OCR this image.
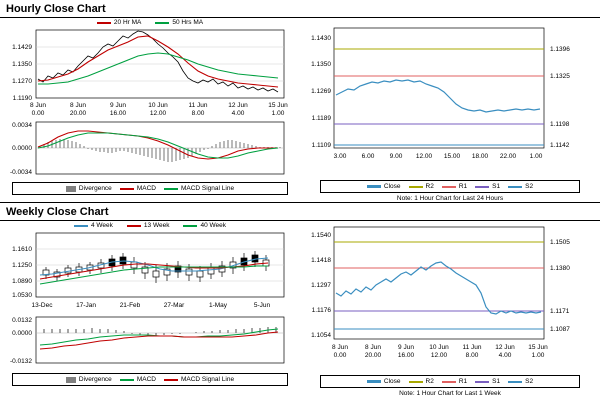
Hourly Close Chart
20 Hr MA	50 Hrs MA
1.1429
1.1350
1.1270
1.1190
8 Jun
0.00
8 Jun
20.00
9 Jun
16.00
10 Jun
12.00
11 Jun
8.00
12 Jun
4.00
15 Jun
1.00
0.0034
0.0000
-0.0034
Divergence	MACD	MACD Signal Line
1.1430
1.1350
1.1269
1.1189
1.1109
1.1396
1.1325
1.1198
1.1142
3.00 6.00 9.00 12.00 15.00 18.00 22.00 1.00
Close	R2	R1	S1	S2
Note: 1 Hour Chart for Last 24 Hours
Weekly Close Chart
4 Week	13 Week	40 Week
1.1610
1.1250
1.0890
1.0530
13-Dec	17-Jan	21-Feb	27-Mar	1-May	5-Jun
0.0132
0.0000
-0.0132
Divergence	MACD	MACD Signal Line
1.1540
1.1418
1.1297
1.1176
1.1054
1.1505
1.1380
1.1171
1.1087
8 Jun
0.00
8 Jun
20.00
9 Jun
16.00
10 Jun
12.00
11 Jun
8.00
12 Jun
4.00
15 Jun
1.00
Close	R2	R1	S1	S2
Note: 1 Hour Chart for Last 1 Week
